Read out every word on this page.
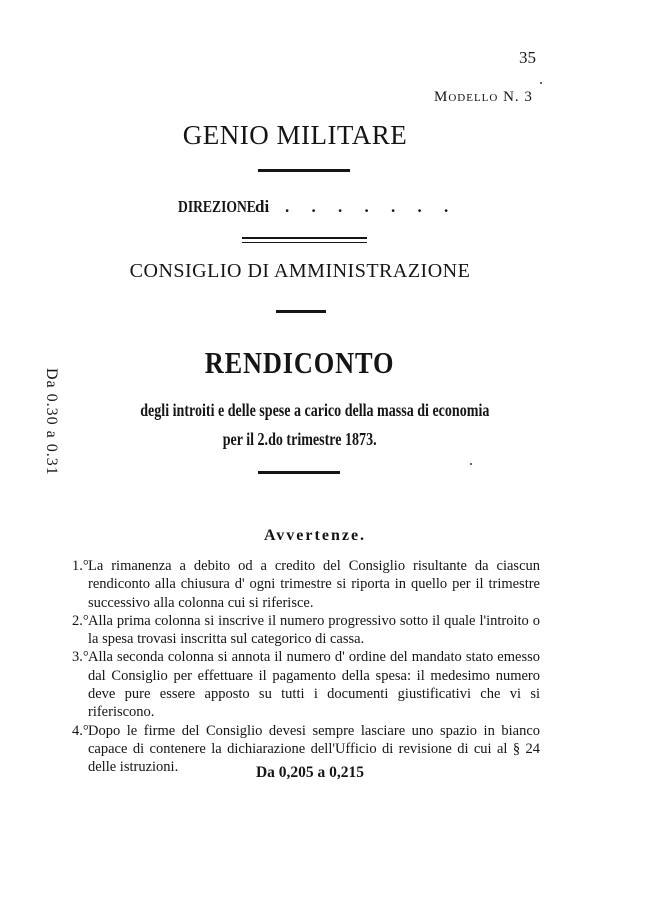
35
Modello N. 3
GENIO MILITARE
DIREZIONE di . . . . . . .
CONSIGLIO DI AMMINISTRAZIONE
Da 0.30 a 0.31
RENDICONTO
degli introiti e delle spese a carico della massa di economia
per il 2.do trimestre 1873.
Avvertenze.
1.° La rimanenza a debito od a credito del Consiglio risultante da ciascun rendiconto alla chiusura d' ogni trimestre si riporta in quello per il trimestre successivo alla colonna cui si riferisce.
2.° Alla prima colonna si inscrive il numero progressivo sotto il quale l'introito o la spesa trovasi inscritta sul categorico di cassa.
3.° Alla seconda colonna si annota il numero d' ordine del mandato stato emesso dal Consiglio per effettuare il pagamento della spesa: il medesimo numero deve pure essere apposto su tutti i documenti giustificativi che vi si riferiscono.
4.° Dopo le firme del Consiglio devesi sempre lasciare uno spazio in bianco capace di contenere la dichiarazione dell'Ufficio di revisione di cui al § 24 delle istruzioni.	Da 0,205 a 0,215
